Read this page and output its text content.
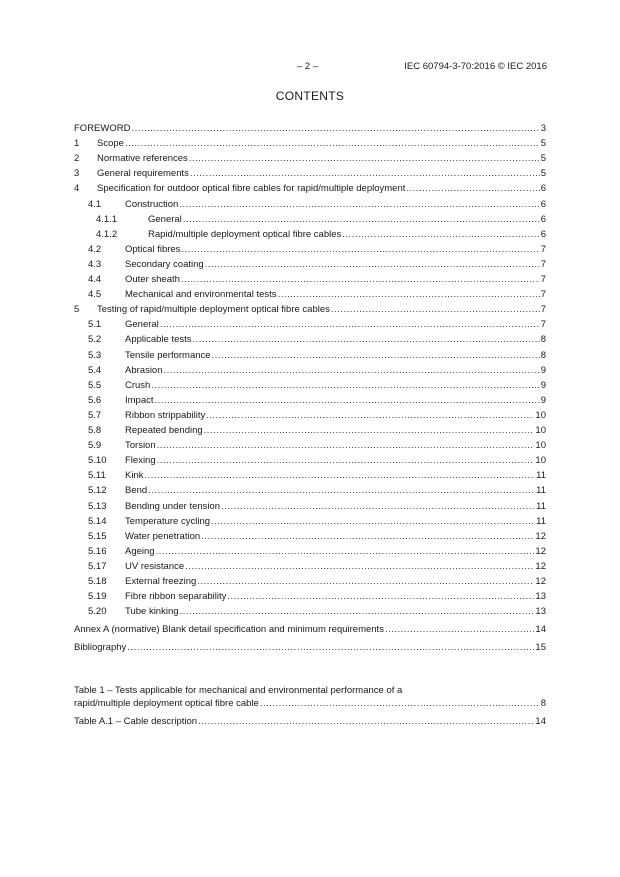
– 2 –	IEC 60794-3-70:2016 © IEC 2016
CONTENTS
FOREWORD .....	3
1	Scope .....	5
2	Normative references .....	5
3	General requirements .....	5
4	Specification for outdoor optical fibre cables for rapid/multiple deployment .....	6
4.1	Construction .....	6
4.1.1	General .....	6
4.1.2	Rapid/multiple deployment optical fibre cables .....	6
4.2	Optical fibres .....	7
4.3	Secondary coating .....	7
4.4	Outer sheath .....	7
4.5	Mechanical and environmental tests .....	7
5	Testing of rapid/multiple deployment optical fibre cables .....	7
5.1	General .....	7
5.2	Applicable tests .....	8
5.3	Tensile performance .....	8
5.4	Abrasion .....	9
5.5	Crush .....	9
5.6	Impact .....	9
5.7	Ribbon strippability .....	10
5.8	Repeated bending .....	10
5.9	Torsion .....	10
5.10	Flexing .....	10
5.11	Kink .....	11
5.12	Bend .....	11
5.13	Bending under tension .....	11
5.14	Temperature cycling .....	11
5.15	Water penetration .....	12
5.16	Ageing .....	12
5.17	UV resistance .....	12
5.18	External freezing .....	12
5.19	Fibre ribbon separability .....	13
5.20	Tube kinking .....	13
Annex A (normative) Blank detail specification and minimum requirements .....	14
Bibliography .....	15
Table 1 – Tests applicable for mechanical and environmental performance of a
rapid/multiple deployment optical fibre cable .....	8
Table A.1 – Cable description .....	14
